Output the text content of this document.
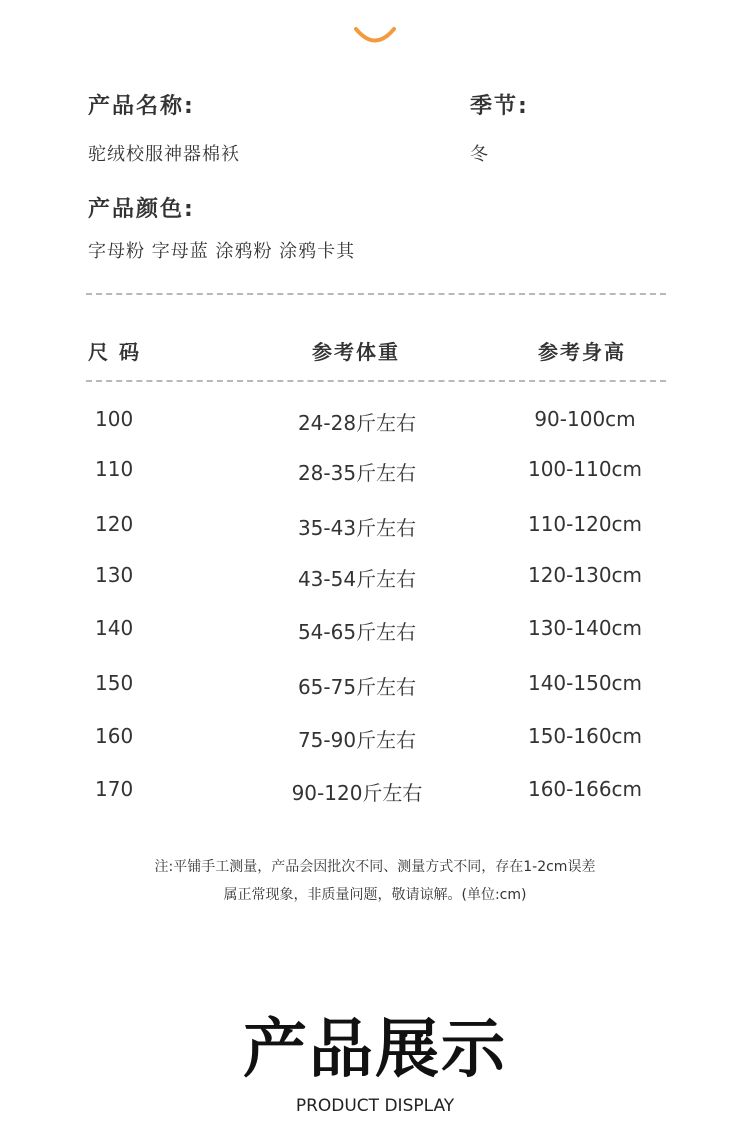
产品名称:
驼绒校服神器棉袄
季节:
冬
产品颜色:
字母粉 字母蓝 涂鸦粉 涂鸦卡其
尺 码	参考体重	参考身高
100	24-28斤左右	90-100cm
110	28-35斤左右	100-110cm
120	35-43斤左右	110-120cm
130	43-54斤左右	120-130cm
140	54-65斤左右	130-140cm
150	65-75斤左右	140-150cm
160	75-90斤左右	150-160cm
170	90-120斤左右	160-166cm
注:平铺手工测量，产品会因批次不同、测量方式不同，存在1-2cm误差
属正常现象，非质量问题，敬请谅解。(单位:cm)
产品展示
PRODUCT DISPLAY
